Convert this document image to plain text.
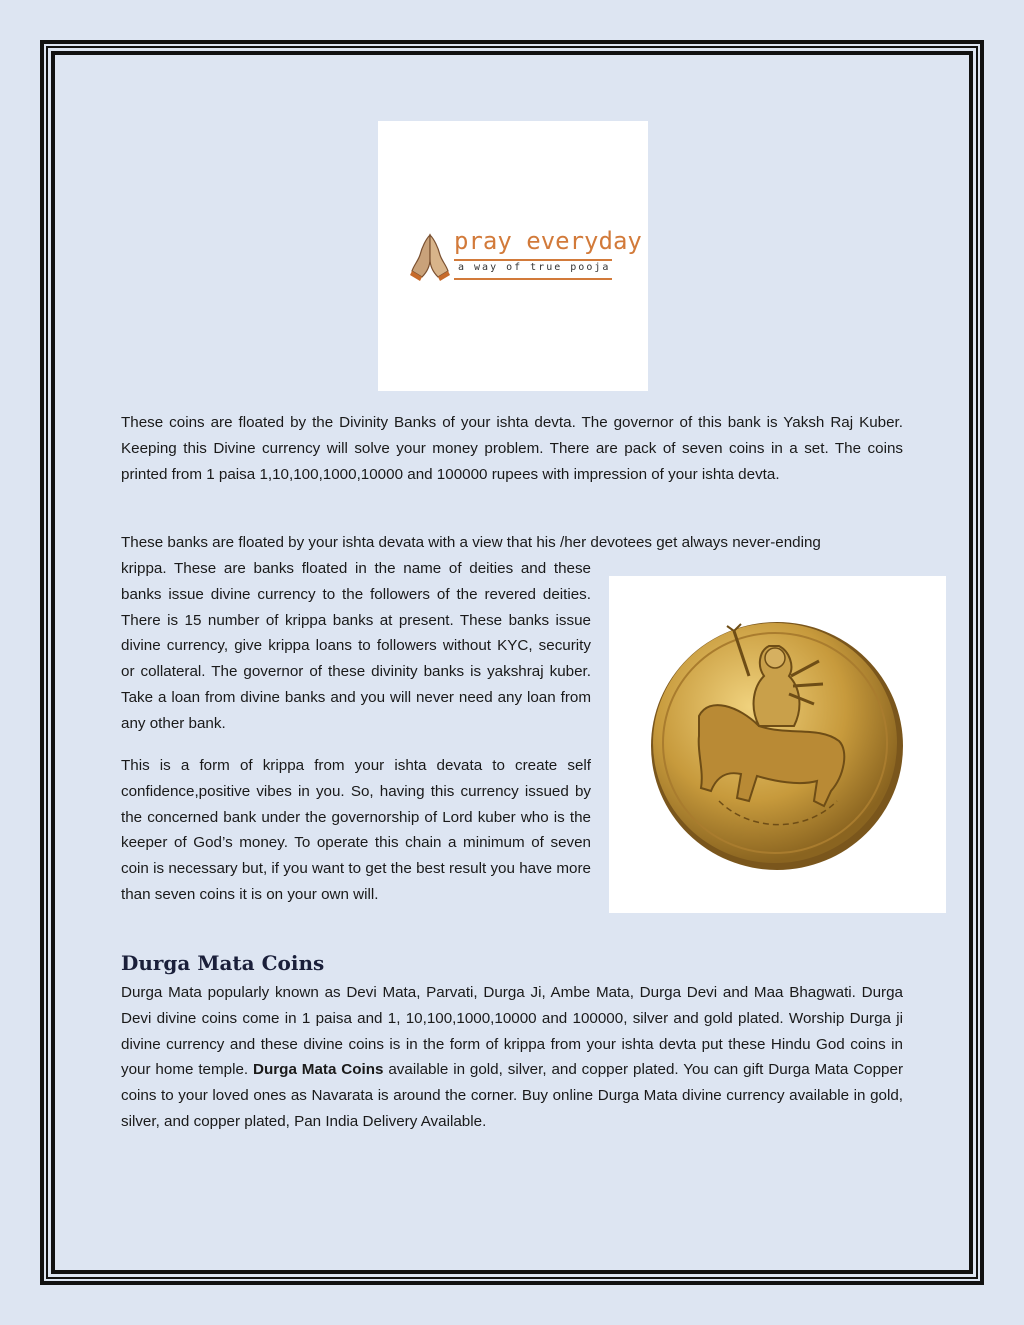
pray everyday
a way of true pooja

These coins are floated by the Divinity Banks of your ishta devta. The governor of this bank is Yaksh Raj Kuber. Keeping this Divine currency will solve your money problem. There are pack of seven coins in a set. The coins printed from 1 paisa 1,10,100,1000,10000 and 100000 rupees with impression of your ishta devta.

These banks are floated by your ishta devata with a view that his /her devotees get always never-ending

krippa. These are banks floated in the name of deities and these banks issue divine currency to the followers of the revered deities. There is 15 number of krippa banks at present. These banks issue divine currency, give krippa loans to followers without KYC, security or collateral. The governor of these divinity banks is yakshraj kuber. Take a loan from divine banks and you will never need any loan from any other bank.

This is a form of krippa from your ishta devata to create self confidence,positive vibes in you. So, having this currency issued by the concerned bank under the governorship of Lord kuber who is the keeper of God’s money. To operate this chain a minimum of seven coin is necessary but, if you want to get the best result you have more than seven coins it is on your own will.

Durga Mata Coins

Durga Mata popularly known as Devi Mata, Parvati, Durga Ji, Ambe Mata, Durga Devi and Maa Bhagwati. Durga Devi divine coins come in 1 paisa and 1, 10,100,1000,10000 and 100000, silver and gold plated. Worship Durga ji divine currency and these divine coins is in the form of krippa from your ishta devta put these Hindu God coins in your home temple. Durga Mata Coins available in gold, silver, and copper plated. You can gift Durga Mata Copper coins to your loved ones as Navarata is around the corner. Buy online Durga Mata divine currency available in gold, silver, and copper plated, Pan India Delivery Available.
